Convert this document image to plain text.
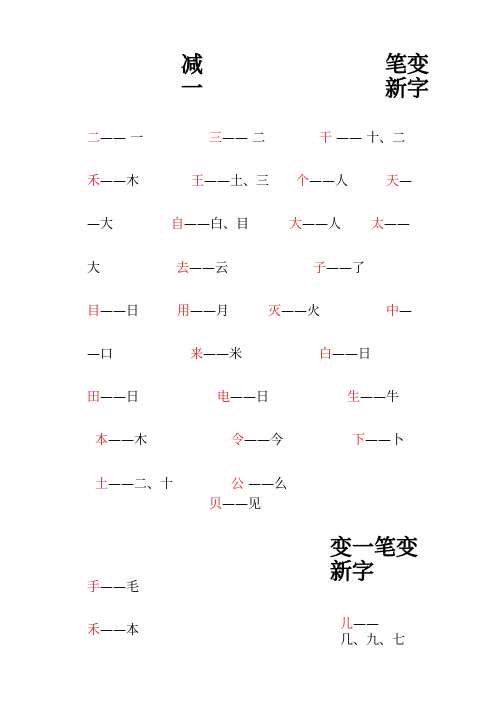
减
一
笔变
新字
二—— 一	三—— 二	干 —— 十、二
禾——木	王——土、三 个——人	天—
—大	自——白、目	大——人 太——
大	去——云	子——了
目——日	用——月	灭——火	中—
—口	来——米	白——日
田——日	电——日	生——牛
本——木	令——今	下——卜
土——二、十	公 ——么
贝——见
变一笔变
新字
手——毛
禾——本	儿——
几、九、七
